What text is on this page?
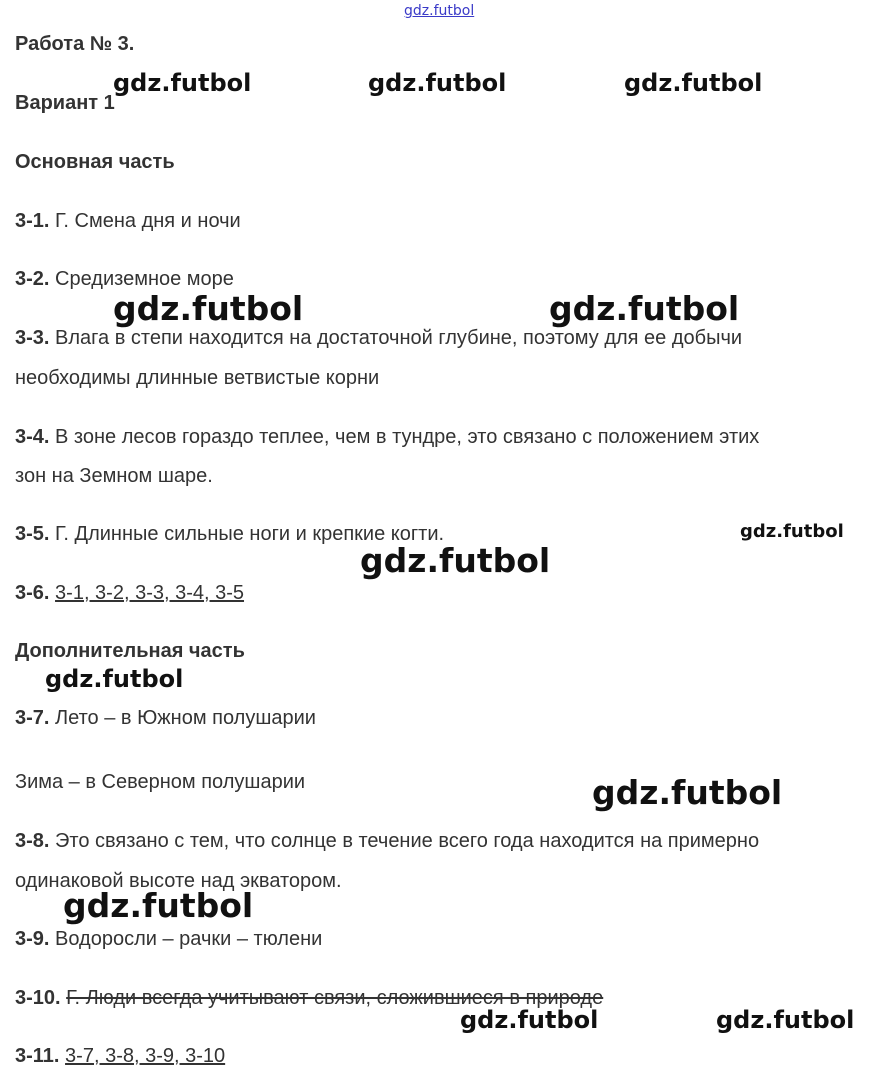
gdz.futbol
Работа № 3.
Вариант 1
Основная часть
3-1. Г. Смена дня и ночи
3-2. Средиземное море
3-3. Влага в степи находится на достаточной глубине, поэтому для ее добычи
необходимы длинные ветвистые корни
3-4. В зоне лесов гораздо теплее, чем в тундре, это связано с положением этих
зон на Земном шаре.
3-5. Г. Длинные сильные ноги и крепкие когти.
3-6. 3-1, 3-2, 3-3, 3-4, 3-5
Дополнительная часть
3-7. Лето – в Южном полушарии
Зима – в Северном полушарии
3-8. Это связано с тем, что солнце в течение всего года находится на примерно
одинаковой высоте над экватором.
3-9. Водоросли – рачки – тюлени
3-10. Г. Люди всегда учитывают связи, сложившиеся в природе
3-11. 3-7, 3-8, 3-9, 3-10
gdz.futbol	gdz.futbol	gdz.futbol
gdz.futbol	gdz.futbol
gdz.futbol
gdz.futbol
gdz.futbol
gdz.futbol
gdz.futbol
gdz.futbol	gdz.futbol
